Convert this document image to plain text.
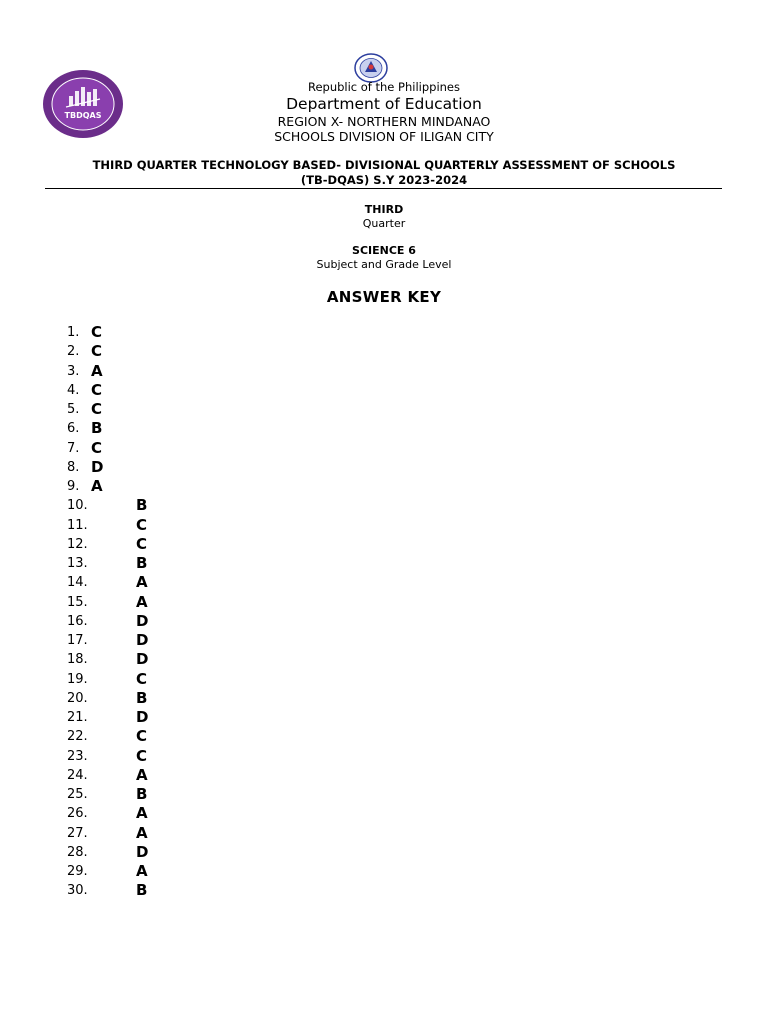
TBDQAS
Republic of the Philippines
Department of Education
REGION X- NORTHERN MINDANAO
SCHOOLS DIVISION OF ILIGAN CITY
THIRD QUARTER TECHNOLOGY BASED- DIVISIONAL QUARTERLY ASSESSMENT OF SCHOOLS
(TB-DQAS) S.Y 2023-2024
THIRD
Quarter
SCIENCE 6
Subject and Grade Level
ANSWER KEY
1. C
2. C
3. A
4. C
5. C
6. B
7. C
8. D
9. A
10.	B
11.	C
12.	C
13.	B
14.	A
15.	A
16.	D
17.	D
18.	D
19.	C
20.	B
21.	D
22.	C
23.	C
24.	A
25.	B
26.	A
27.	A
28.	D
29.	A
30.	B
